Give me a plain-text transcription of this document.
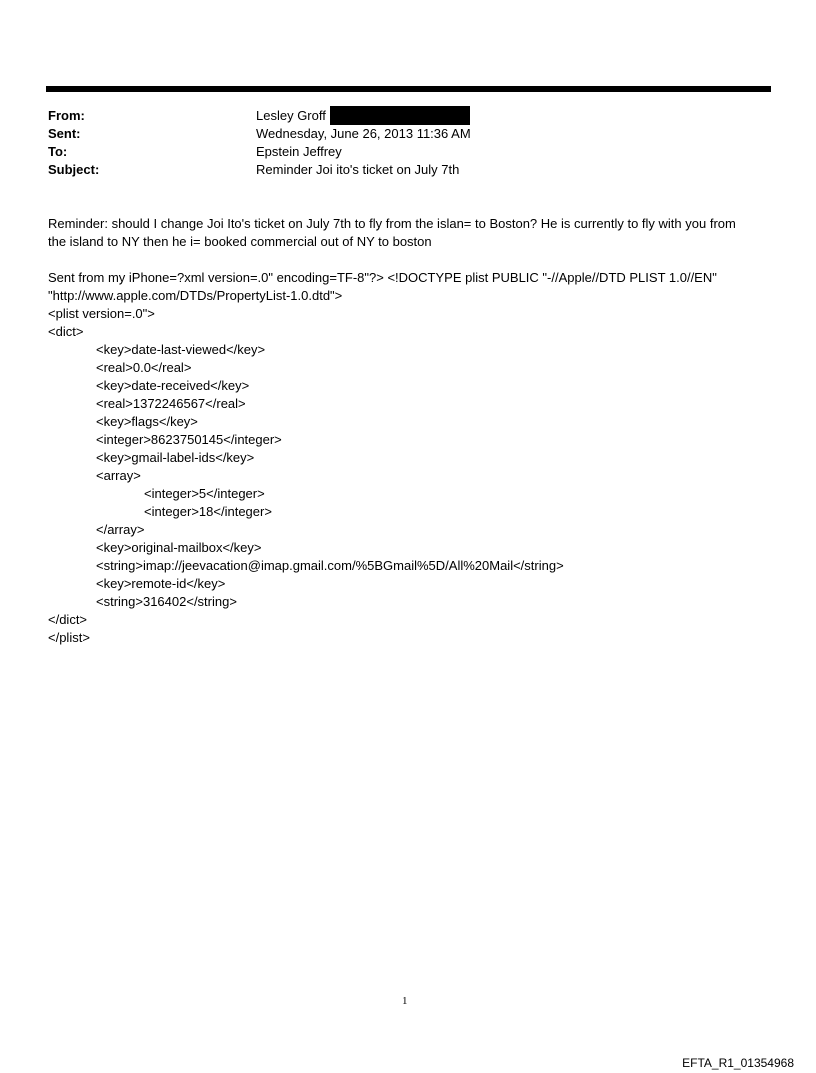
From:	Lesley Groff
Sent:	Wednesday, June 26, 2013 11:36 AM
To:	Epstein Jeffrey
Subject:	Reminder Joi ito's ticket on July 7th
Reminder: should I change Joi Ito's ticket on July 7th to fly from the islan= to Boston? He is currently to fly with you from
the island to NY then he i= booked commercial out of NY to boston
Sent from my iPhone=?xml version=.0" encoding=TF-8"?> <!DOCTYPE plist PUBLIC "-//Apple//DTD PLIST 1.0//EN"
"http://www.apple.com/DTDs/PropertyList-1.0.dtd">
<plist version=.0">
<dict>
<key>date-last-viewed</key>
<real>0.0</real>
<key>date-received</key>
<real>1372246567</real>
<key>flags</key>
<integer>8623750145</integer>
<key>gmail-label-ids</key>
<array>
<integer>5</integer>
<integer>18</integer>
</array>
<key>original-mailbox</key>
<string>imap://jeevacation@imap.gmail.com/%5BGmail%5D/All%20Mail</string>
<key>remote-id</key>
<string>316402</string>
</dict>
</plist>
1
EFTA_R1_01354968
